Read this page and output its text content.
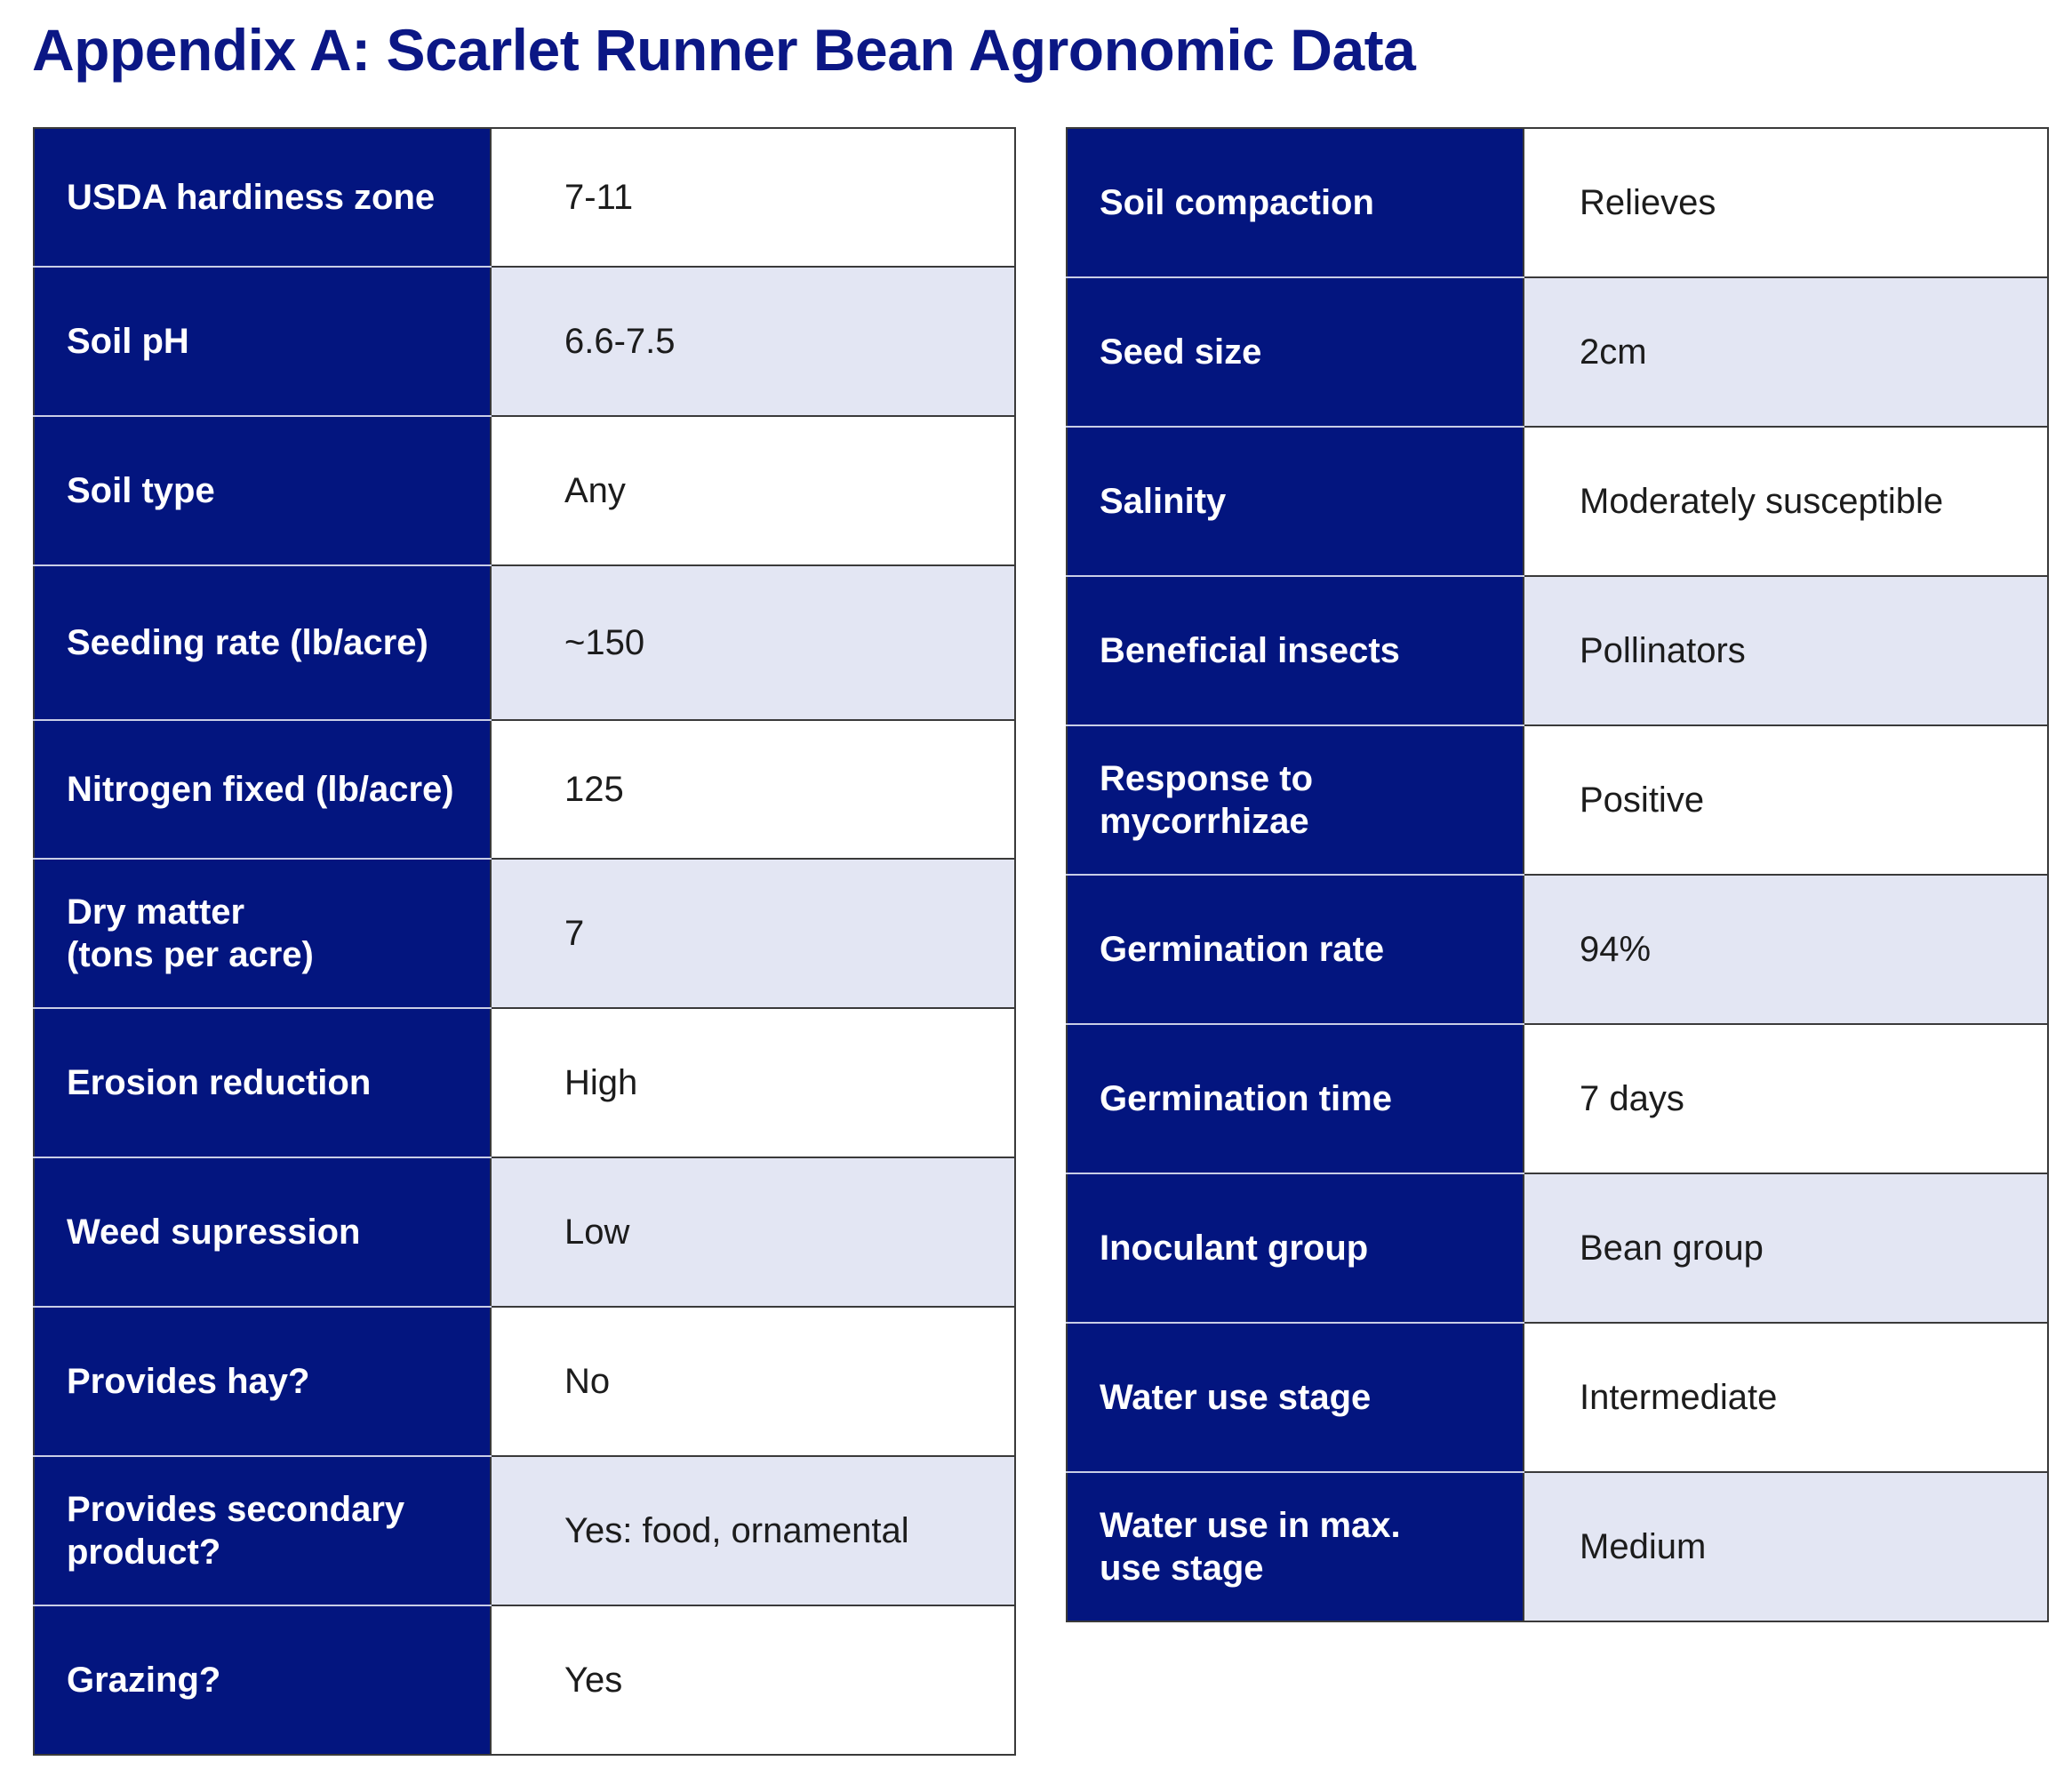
Appendix A: Scarlet Runner Bean Agronomic Data
USDA hardiness zone	7-11
Soil pH	6.6-7.5
Soil type	Any
Seeding rate (lb/acre)	~150
Nitrogen fixed (lb/acre)	125
Dry matter
(tons per acre)	7
Erosion reduction	High
Weed supression	Low
Provides hay?	No
Provides secondary
product?	Yes: food, ornamental
Grazing?	Yes
Soil compaction	Relieves
Seed size	2cm
Salinity	Moderately susceptible
Beneficial insects	Pollinators
Response to
mycorrhizae	Positive
Germination rate	94%
Germination time	7 days
Inoculant group	Bean group
Water use stage	Intermediate
Water use in max.
use stage	Medium
